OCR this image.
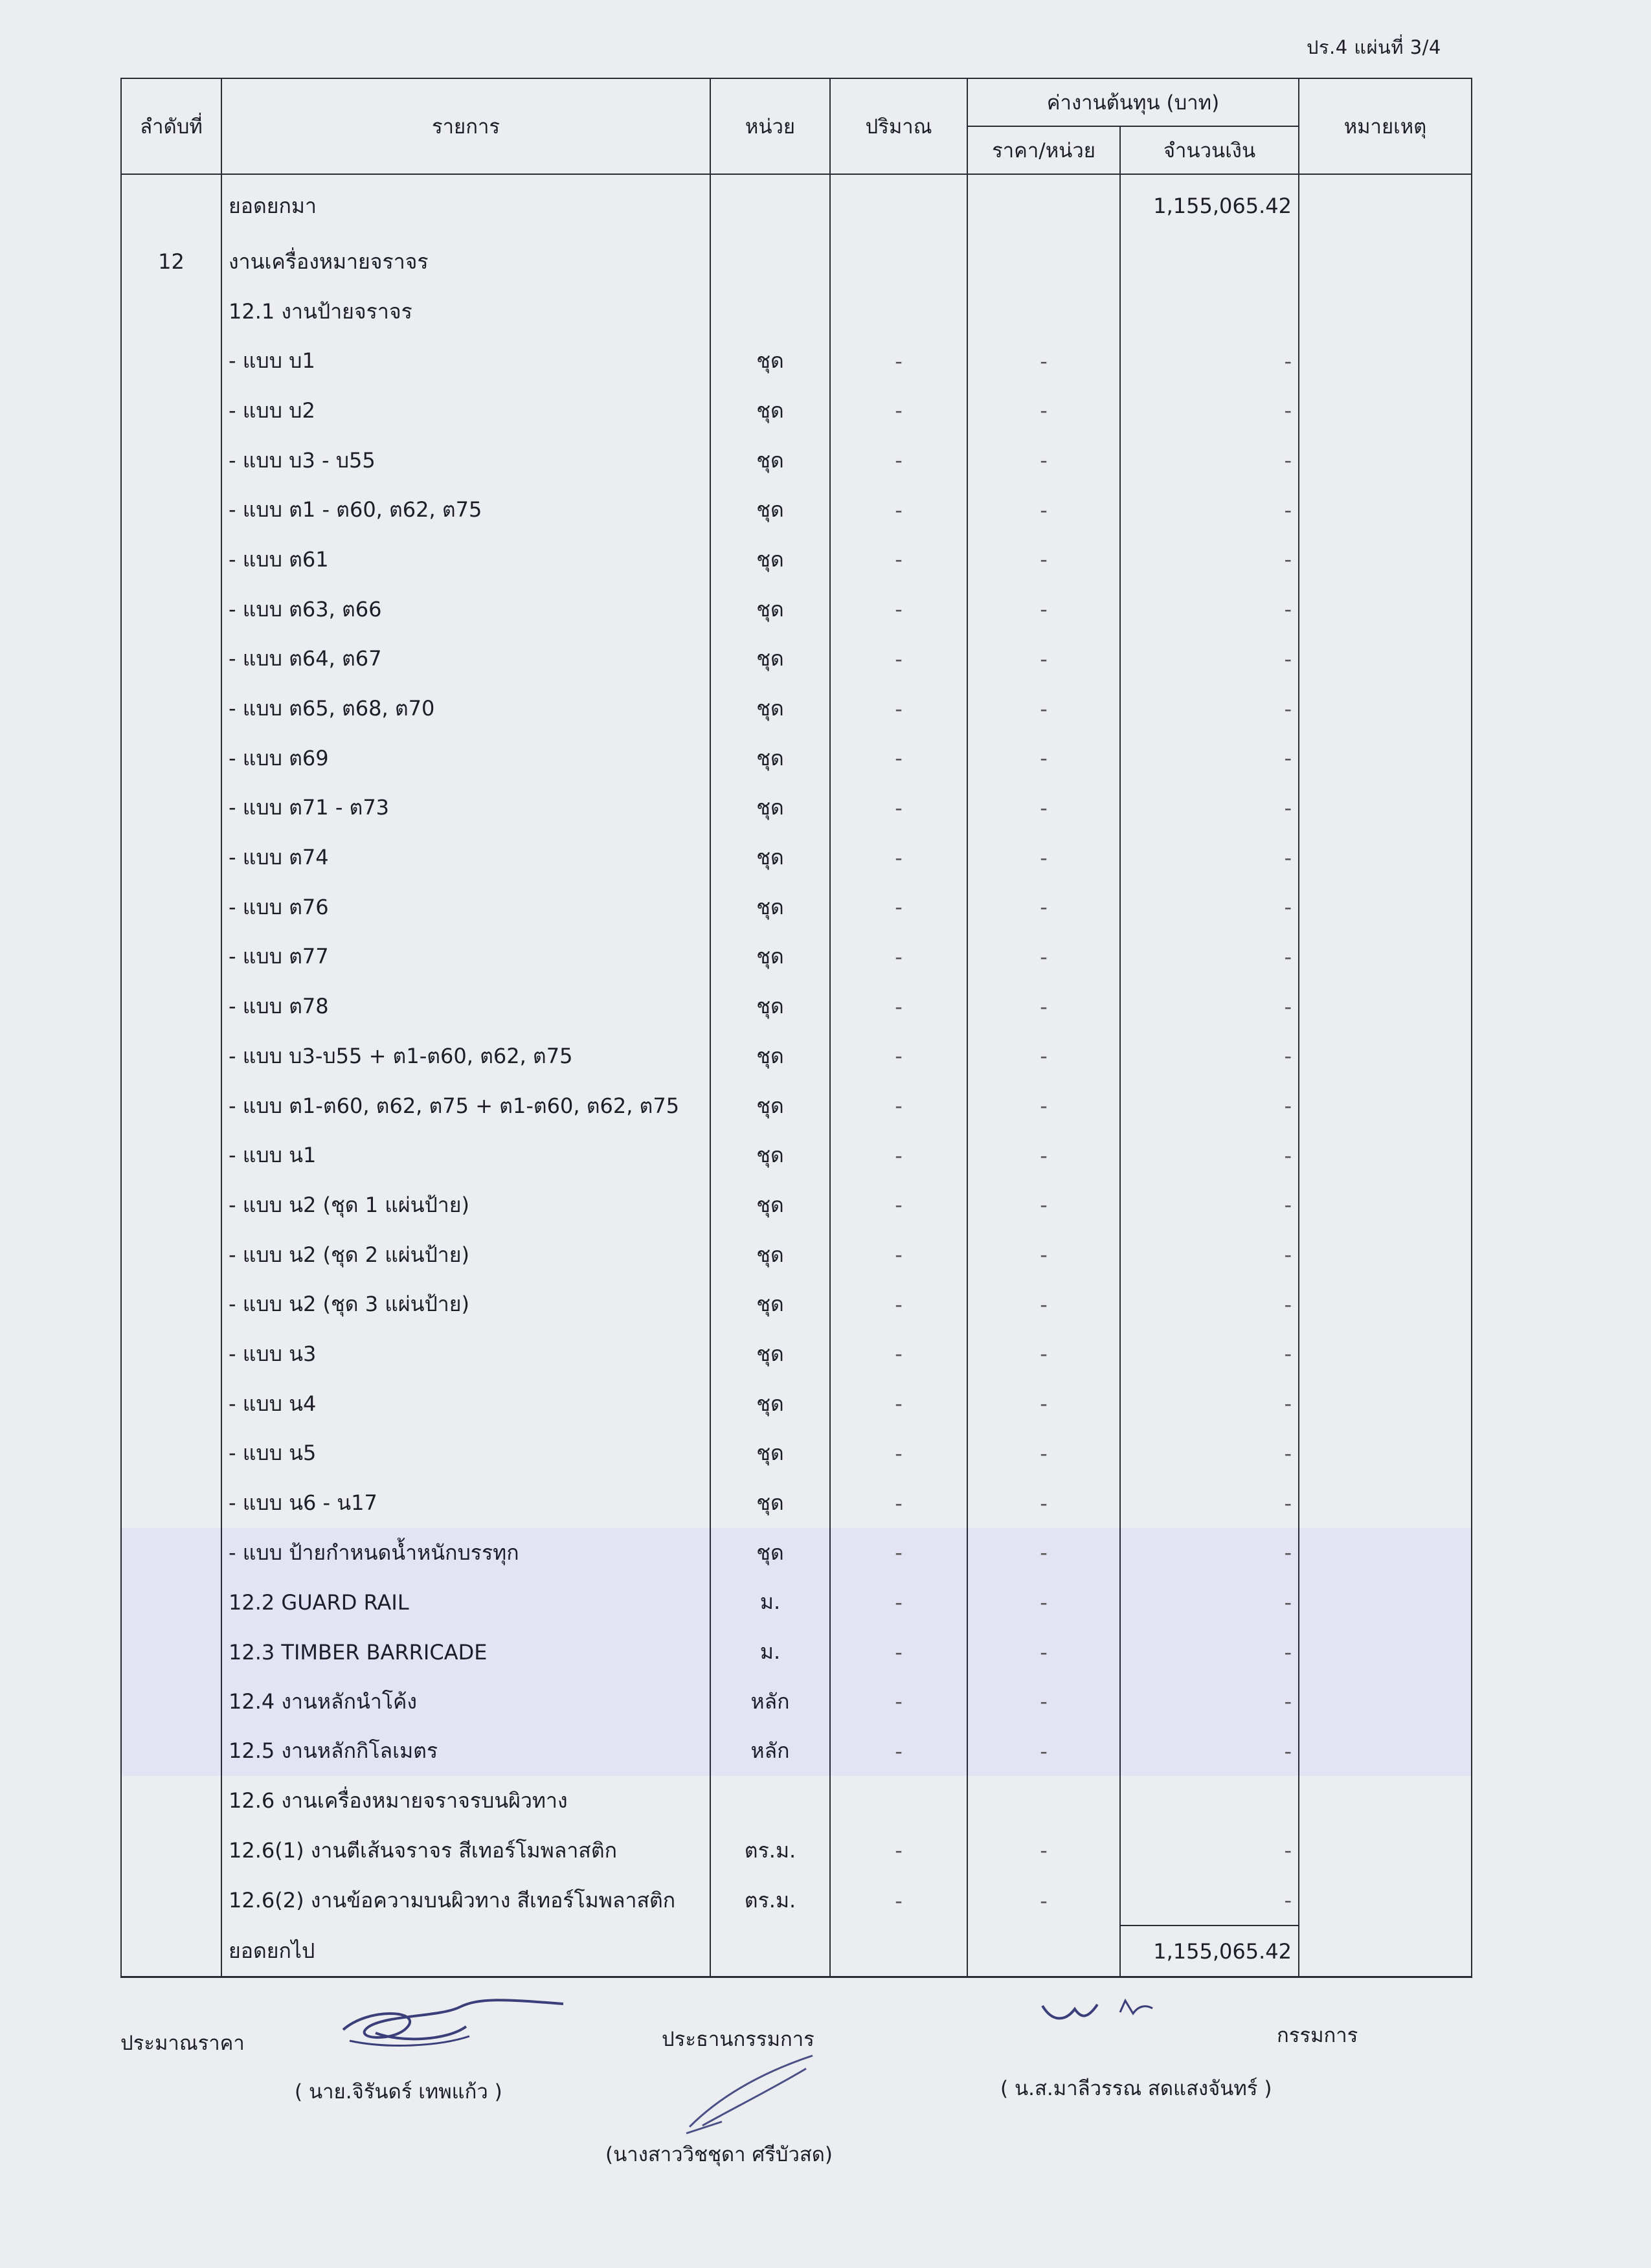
ปร.4 แผ่นที่ 3/4
ลำดับที่	รายการ	หน่วย	ปริมาณ	ค่างานต้นทุน (บาท)		หมายเหตุ
				ราคา/หน่วย	จำนวนเงิน	
	ยอดยกมา				1,155,065.42	
12	งานเครื่องหมายจราจร					
	12.1 งานป้ายจราจร					
	- แบบ บ1	ชุด	-	-	-	
	- แบบ บ2	ชุด	-	-	-	
	- แบบ บ3 - บ55	ชุด	-	-	-	
	- แบบ ต1 - ต60, ต62, ต75	ชุด	-	-	-	
	- แบบ ต61	ชุด	-	-	-	
	- แบบ ต63, ต66	ชุด	-	-	-	
	- แบบ ต64, ต67	ชุด	-	-	-	
	- แบบ ต65, ต68, ต70	ชุด	-	-	-	
	- แบบ ต69	ชุด	-	-	-	
	- แบบ ต71 - ต73	ชุด	-	-	-	
	- แบบ ต74	ชุด	-	-	-	
	- แบบ ต76	ชุด	-	-	-	
	- แบบ ต77	ชุด	-	-	-	
	- แบบ ต78	ชุด	-	-	-	
	- แบบ บ3-บ55 + ต1-ต60, ต62, ต75	ชุด	-	-	-	
	- แบบ ต1-ต60, ต62, ต75 + ต1-ต60, ต62, ต75	ชุด	-	-	-	
	- แบบ น1	ชุด	-	-	-	
	- แบบ น2 (ชุด 1 แผ่นป้าย)	ชุด	-	-	-	
	- แบบ น2 (ชุด 2 แผ่นป้าย)	ชุด	-	-	-	
	- แบบ น2 (ชุด 3 แผ่นป้าย)	ชุด	-	-	-	
	- แบบ น3	ชุด	-	-	-	
	- แบบ น4	ชุด	-	-	-	
	- แบบ น5	ชุด	-	-	-	
	- แบบ น6 - น17	ชุด	-	-	-	
	- แบบ ป้ายกำหนดน้ำหนักบรรทุก	ชุด	-	-	-	
	12.2 GUARD RAIL	ม.	-	-	-	
	12.3 TIMBER BARRICADE	ม.	-	-	-	
	12.4 งานหลักนำโค้ง	หลัก	-	-	-	
	12.5 งานหลักกิโลเมตร	หลัก	-	-	-	
	12.6 งานเครื่องหมายจราจรบนผิวทาง					
	12.6(1) งานตีเส้นจราจร สีเทอร์โมพลาสติก	ตร.ม.	-	-	-	
	12.6(2) งานข้อความบนผิวทาง สีเทอร์โมพลาสติก	ตร.ม.	-	-	-	
	ยอดยกไป				1,155,065.42	
ประมาณราคา
( นาย.จิรันดร์ เทพแก้ว )
ประธานกรรมการ
(นางสาววิชชุดา ศรีบัวสด)
กรรมการ
( น.ส.มาลีวรรณ สดแสงจันทร์ )
